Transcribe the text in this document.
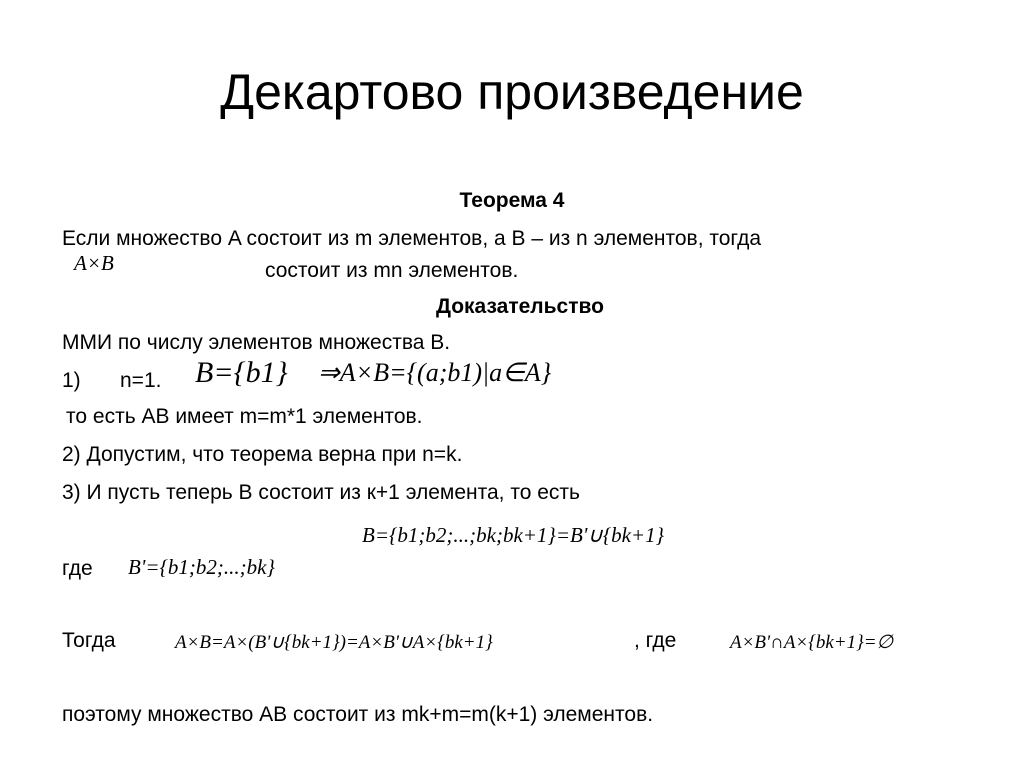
Декартово произведение
Теорема 4
Если множество A состоит из m элементов, а B – из n элементов, тогда
A×B	состоит из mn элементов.
Доказательство
ММИ по числу элементов множества B.
1) n=1. B={b1} ⇒A×B={(a;b1)|a∈A}
то есть AB имеет m=m*1 элементов.
2) Допустим, что теорема верна при n=k.
3) И пусть теперь B состоит из к+1 элемента, то есть
B={b1;b2;...;bk;bk+1}=B'∪{bk+1}
где B'={b1;b2;...;bk}
Тогда	A×B=A×(B'∪{bk+1})=A×B'∪A×{bk+1}	, где	A×B'∩A×{bk+1}=∅
поэтому множество AB состоит из mk+m=m(k+1) элементов.
